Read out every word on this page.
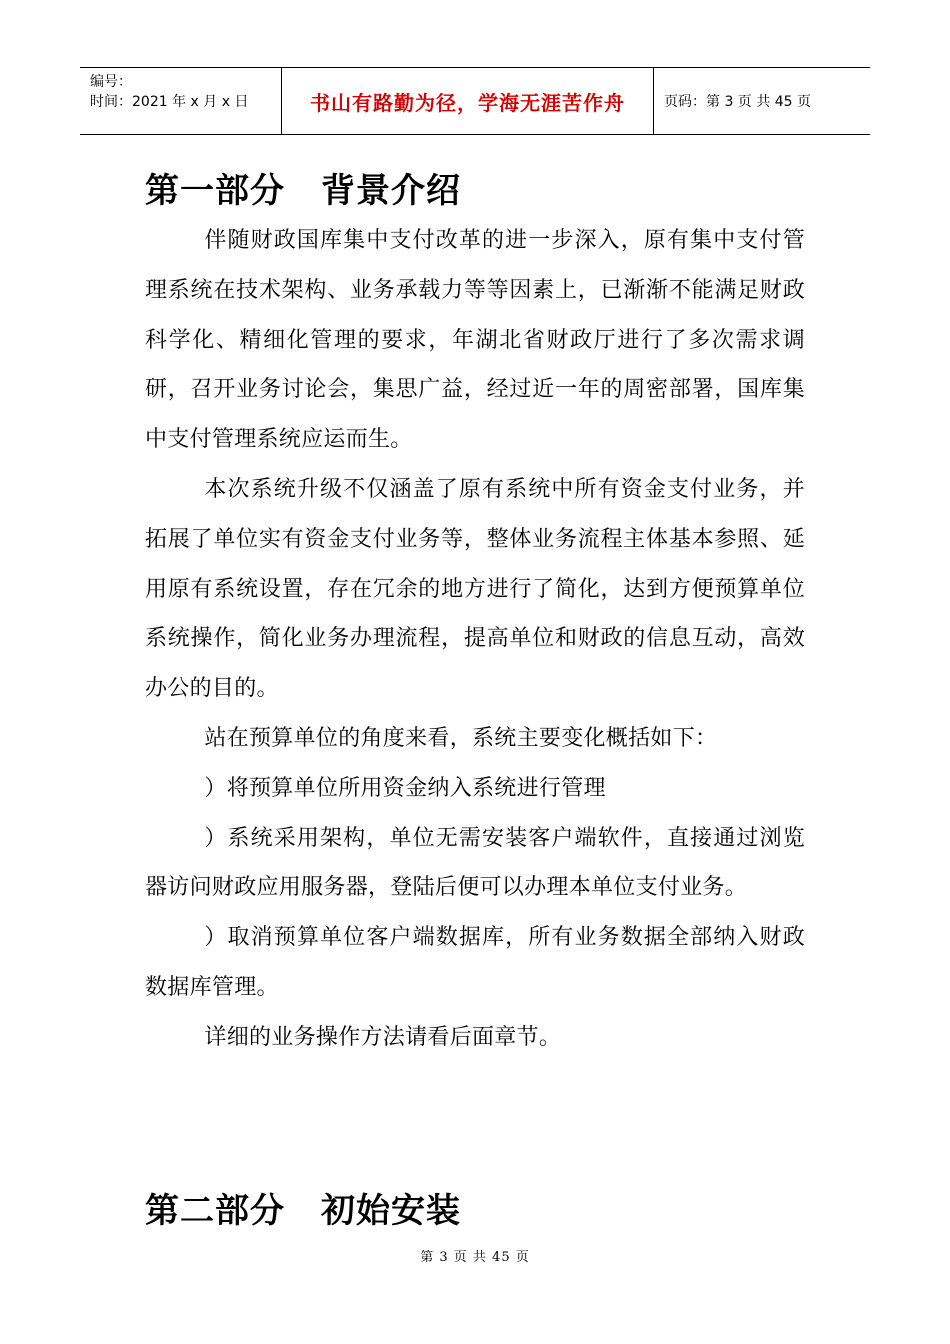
编号：
时间：2021 年 x 月 x 日	书山有路勤为径，学海无涯苦作舟	页码：第 3 页 共 45 页
第一部分 背景介绍

伴随财政国库集中支付改革的进一步深入，原有集中支付管理系统在技术架构、业务承载力等等因素上，已渐渐不能满足财政科学化、精细化管理的要求，年湖北省财政厅进行了多次需求调研，召开业务讨论会，集思广益，经过近一年的周密部署，国库集中支付管理系统应运而生。

本次系统升级不仅涵盖了原有系统中所有资金支付业务，并拓展了单位实有资金支付业务等，整体业务流程主体基本参照、延用原有系统设置，存在冗余的地方进行了简化，达到方便预算单位系统操作，简化业务办理流程，提高单位和财政的信息互动，高效办公的目的。

站在预算单位的角度来看，系统主要变化概括如下：

）将预算单位所用资金纳入系统进行管理

）系统采用架构，单位无需安装客户端软件，直接通过浏览器访问财政应用服务器，登陆后便可以办理本单位支付业务。

）取消预算单位客户端数据库，所有业务数据全部纳入财政数据库管理。

详细的业务操作方法请看后面章节。

第二部分 初始安装
第 3 页 共 45 页
